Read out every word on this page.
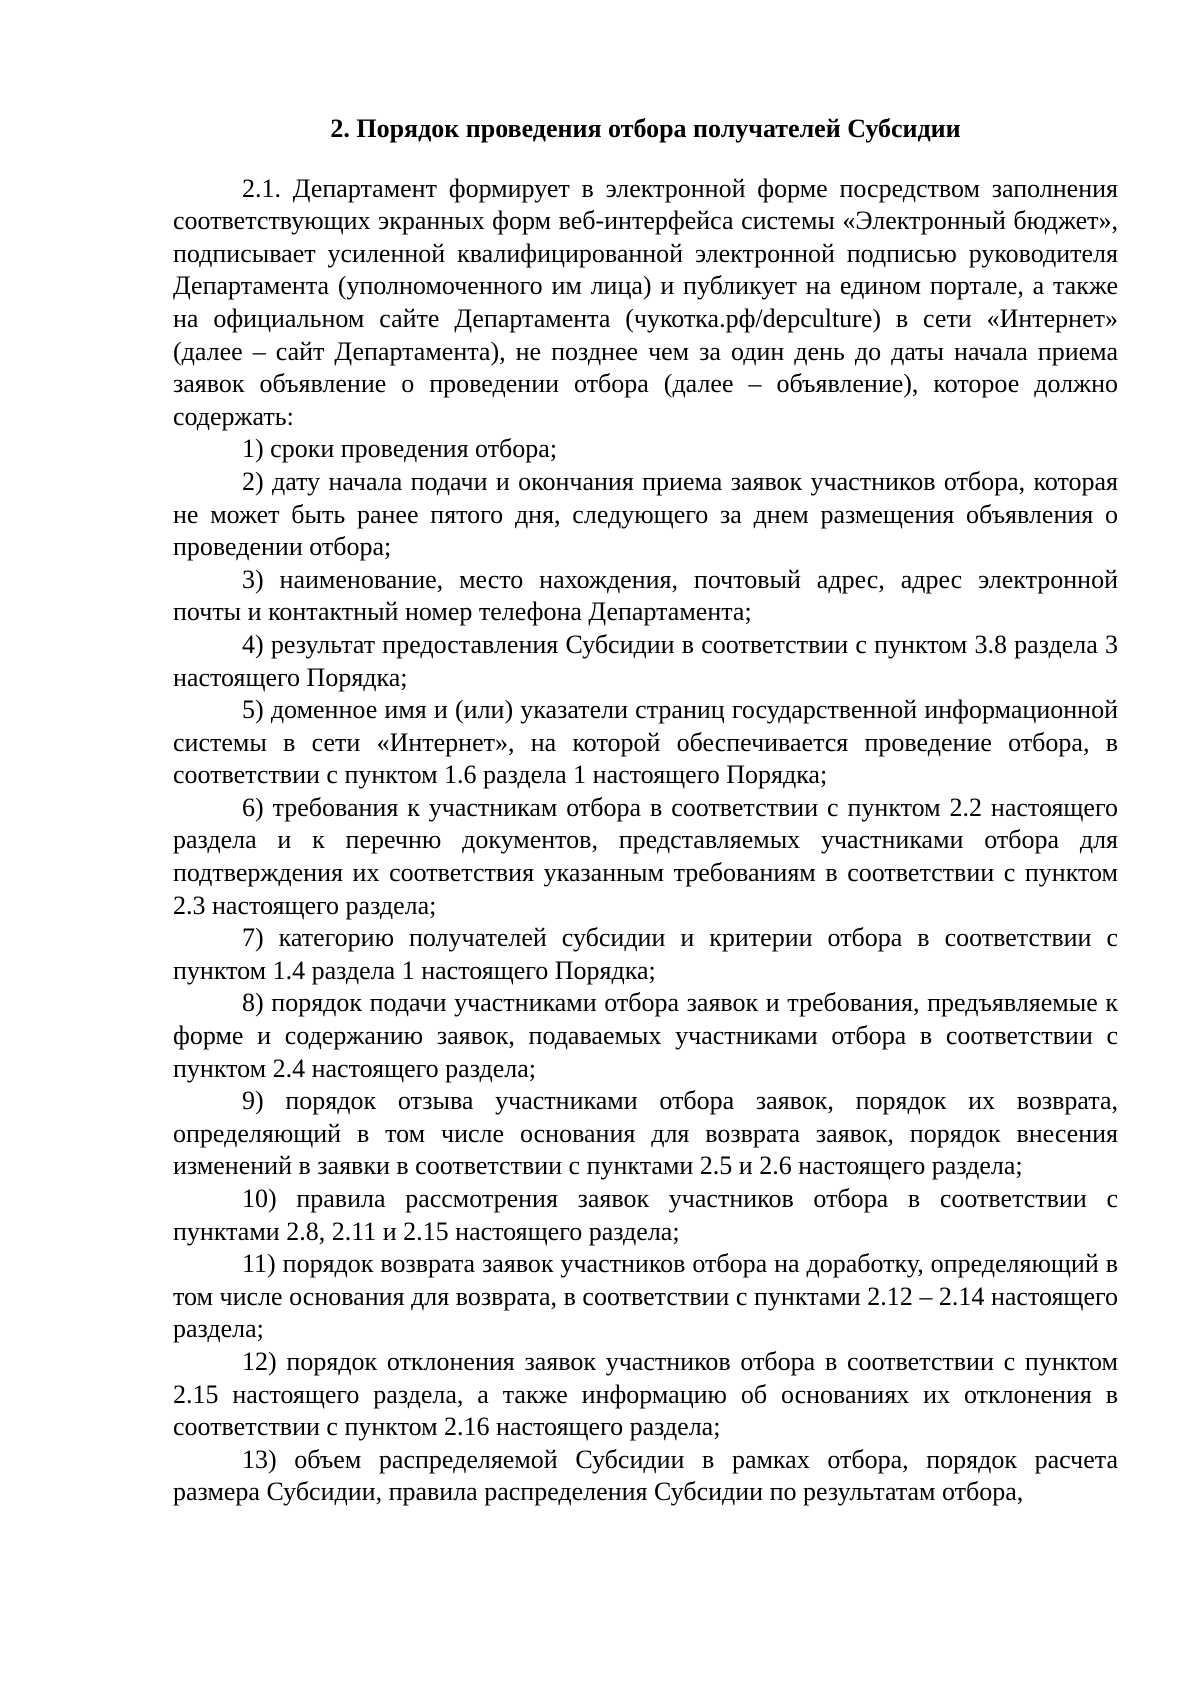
2. Порядок проведения отбора получателей Субсидии

2.1. Департамент формирует в электронной форме посредством заполнения соответствующих экранных форм веб-интерфейса системы «Электронный бюджет», подписывает усиленной квалифицированной электронной подписью руководителя Департамента (уполномоченного им лица) и публикует на едином портале, а также на официальном сайте Департамента (чукотка.рф/depculture) в сети «Интернет» (далее – сайт Департамента), не позднее чем за один день до даты начала приема заявок объявление о проведении отбора (далее – объявление), которое должно содержать:

1) сроки проведения отбора;

2) дату начала подачи и окончания приема заявок участников отбора, которая не может быть ранее пятого дня, следующего за днем размещения объявления о проведении отбора;

3) наименование, место нахождения, почтовый адрес, адрес электронной почты и контактный номер телефона Департамента;

4) результат предоставления Субсидии в соответствии с пунктом 3.8 раздела 3 настоящего Порядка;

5) доменное имя и (или) указатели страниц государственной информационной системы в сети «Интернет», на которой обеспечивается проведение отбора, в соответствии с пунктом 1.6 раздела 1 настоящего Порядка;

6) требования к участникам отбора в соответствии с пунктом 2.2 настоящего раздела и к перечню документов, представляемых участниками отбора для подтверждения их соответствия указанным требованиям в соответствии с пунктом 2.3 настоящего раздела;

7) категорию получателей субсидии и критерии отбора в соответствии с пунктом 1.4 раздела 1 настоящего Порядка;

8) порядок подачи участниками отбора заявок и требования, предъявляемые к форме и содержанию заявок, подаваемых участниками отбора в соответствии с пунктом 2.4 настоящего раздела;

9) порядок отзыва участниками отбора заявок, порядок их возврата, определяющий в том числе основания для возврата заявок, порядок внесения изменений в заявки в соответствии с пунктами 2.5 и 2.6 настоящего раздела;

10) правила рассмотрения заявок участников отбора в соответствии с пунктами 2.8, 2.11 и 2.15 настоящего раздела;

11) порядок возврата заявок участников отбора на доработку, определяющий в том числе основания для возврата, в соответствии с пунктами 2.12 – 2.14 настоящего раздела;

12) порядок отклонения заявок участников отбора в соответствии с пунктом 2.15 настоящего раздела, а также информацию об основаниях их отклонения в соответствии с пунктом 2.16 настоящего раздела;

13) объем распределяемой Субсидии в рамках отбора, порядок расчета размера Субсидии, правила распределения Субсидии по результатам отбора,
